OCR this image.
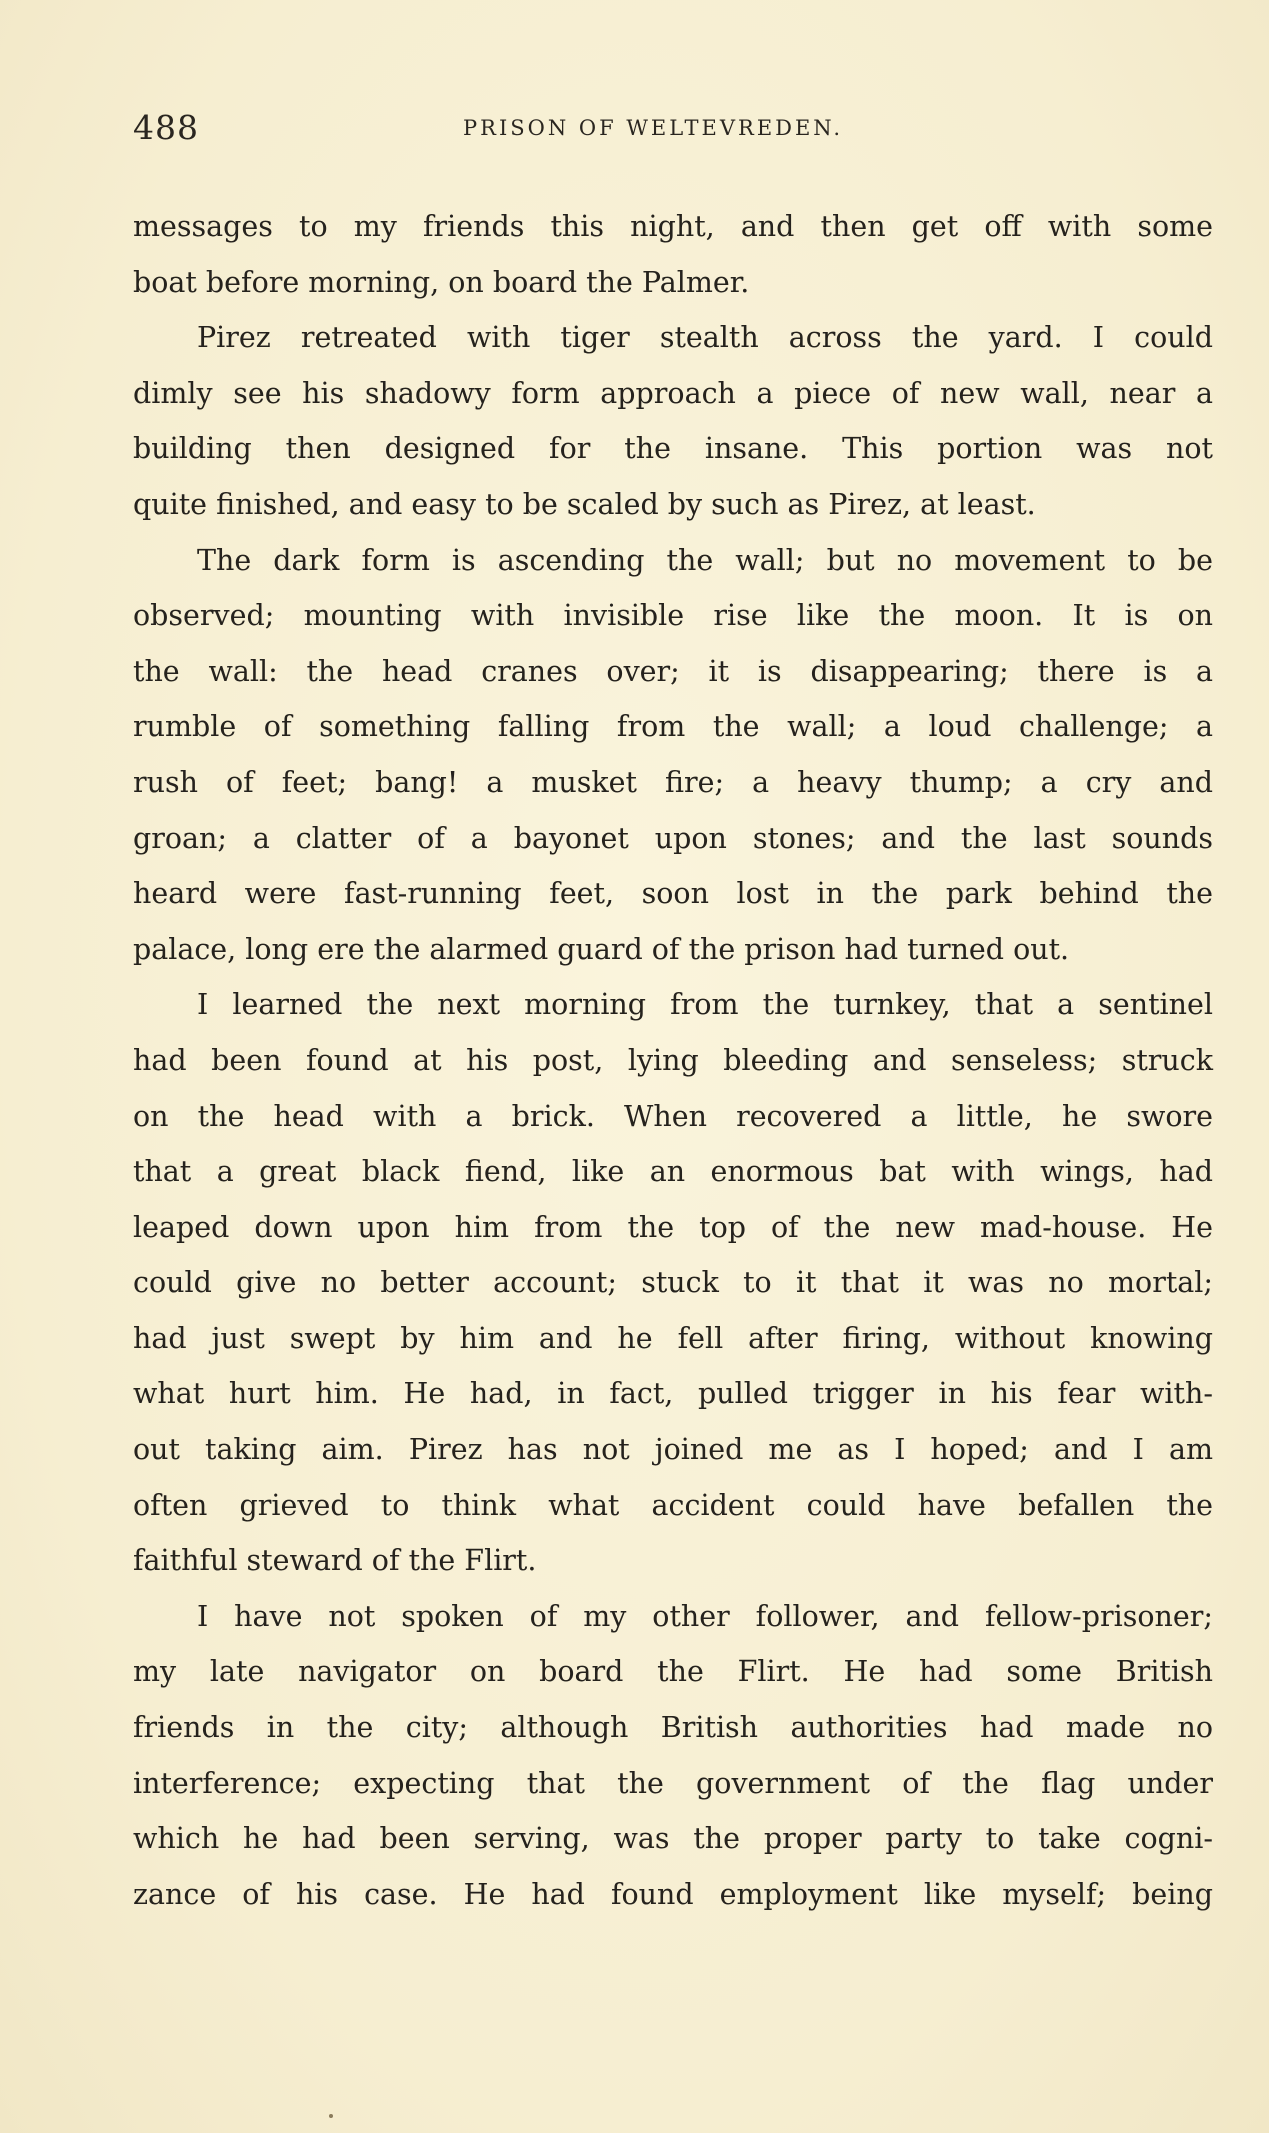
488	PRISON OF WELTEVREDEN.
messages to my friends this night, and then get off with some
boat before morning, on board the Palmer.
Pirez retreated with tiger stealth across the yard. I could
dimly see his shadowy form approach a piece of new wall, near a
building then designed for the insane. This portion was not
quite finished, and easy to be scaled by such as Pirez, at least.
The dark form is ascending the wall; but no movement to be
observed; mounting with invisible rise like the moon. It is on
the wall: the head cranes over; it is disappearing; there is a
rumble of something falling from the wall; a loud challenge; a
rush of feet; bang! a musket fire; a heavy thump; a cry and
groan; a clatter of a bayonet upon stones; and the last sounds
heard were fast-running feet, soon lost in the park behind the
palace, long ere the alarmed guard of the prison had turned out.
I learned the next morning from the turnkey, that a sentinel
had been found at his post, lying bleeding and senseless; struck
on the head with a brick. When recovered a little, he swore
that a great black fiend, like an enormous bat with wings, had
leaped down upon him from the top of the new mad-house. He
could give no better account; stuck to it that it was no mortal;
had just swept by him and he fell after firing, without knowing
what hurt him. He had, in fact, pulled trigger in his fear with-
out taking aim. Pirez has not joined me as I hoped; and I am
often grieved to think what accident could have befallen the
faithful steward of the Flirt.
I have not spoken of my other follower, and fellow-prisoner;
my late navigator on board the Flirt. He had some British
friends in the city; although British authorities had made no
interference; expecting that the government of the flag under
which he had been serving, was the proper party to take cogni-
zance of his case. He had found employment like myself; being
